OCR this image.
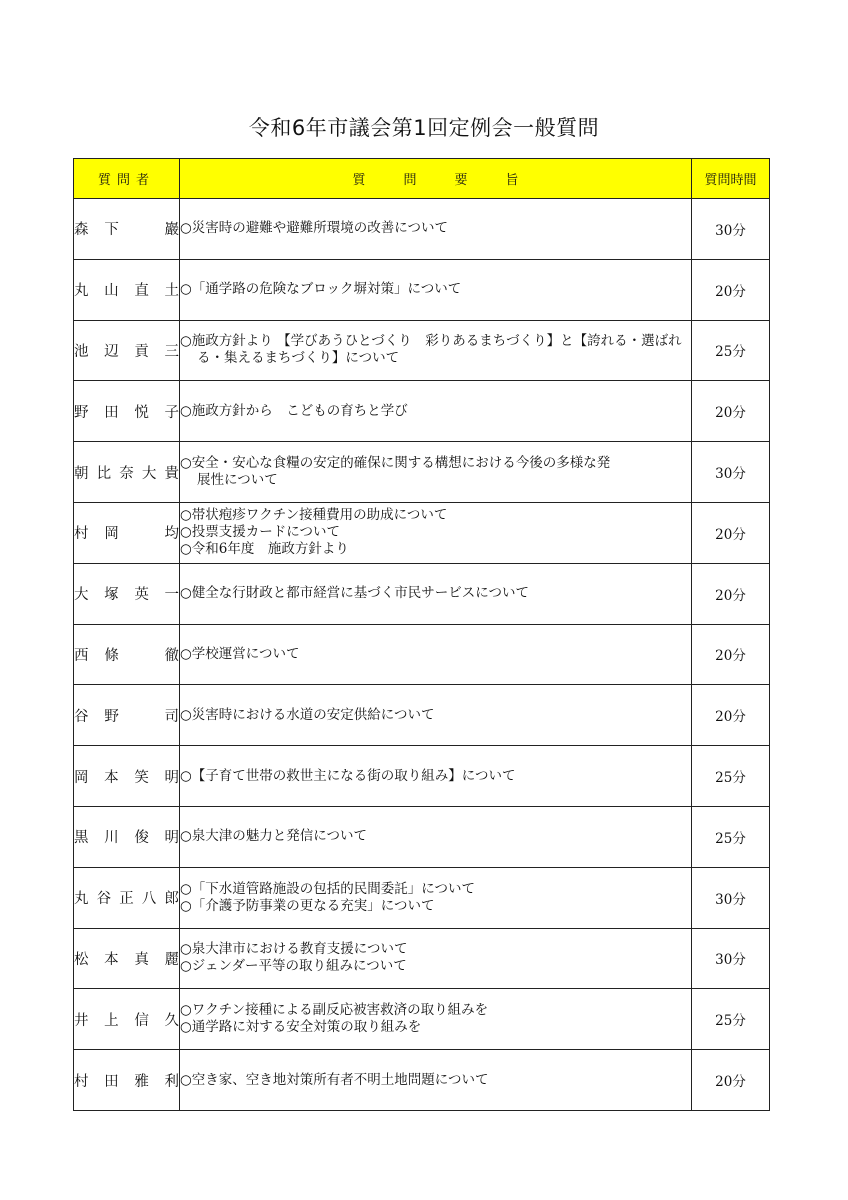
令和6年市議会第1回定例会一般質問
質問者	質問要旨	質問時間

森 下 巖	○災害時の避難や避難所環境の改善について	30分

丸 山 直 土	○「通学路の危険なブロック塀対策」について	20分

池 辺 貢 三	○施政方針より 【学びあうひとづくり　彩りあるまちづくり】と【誇れる・選ばれ
る・集えるまちづくり】について	25分

野 田 悦 子	○施政方針から　こどもの育ちと学び	20分

朝 比 奈 大 貴	○安全・安心な食糧の安定的確保に関する構想における今後の多様な発
展性について	30分

村 岡 均	○帯状疱疹ワクチン接種費用の助成について
○投票支援カードについて
○令和6年度　施政方針より	20分

大 塚 英 一	○健全な行財政と都市経営に基づく市民サービスについて	20分

西 條 徹	○学校運営について	20分

谷 野 司	○災害時における水道の安定供給について	20分

岡 本 笑 明	○【子育て世帯の救世主になる街の取り組み】について	25分

黒 川 俊 明	○泉大津の魅力と発信について	25分

丸 谷 正 八 郎	○「下水道管路施設の包括的民間委託」について
○「介護予防事業の更なる充実」について	30分

松 本 真 麗	○泉大津市における教育支援について
○ジェンダー平等の取り組みについて	30分

井 上 信 久	○ワクチン接種による副反応被害救済の取り組みを
○通学路に対する安全対策の取り組みを	25分

村 田 雅 利	○空き家、空き地対策所有者不明土地問題について	20分
